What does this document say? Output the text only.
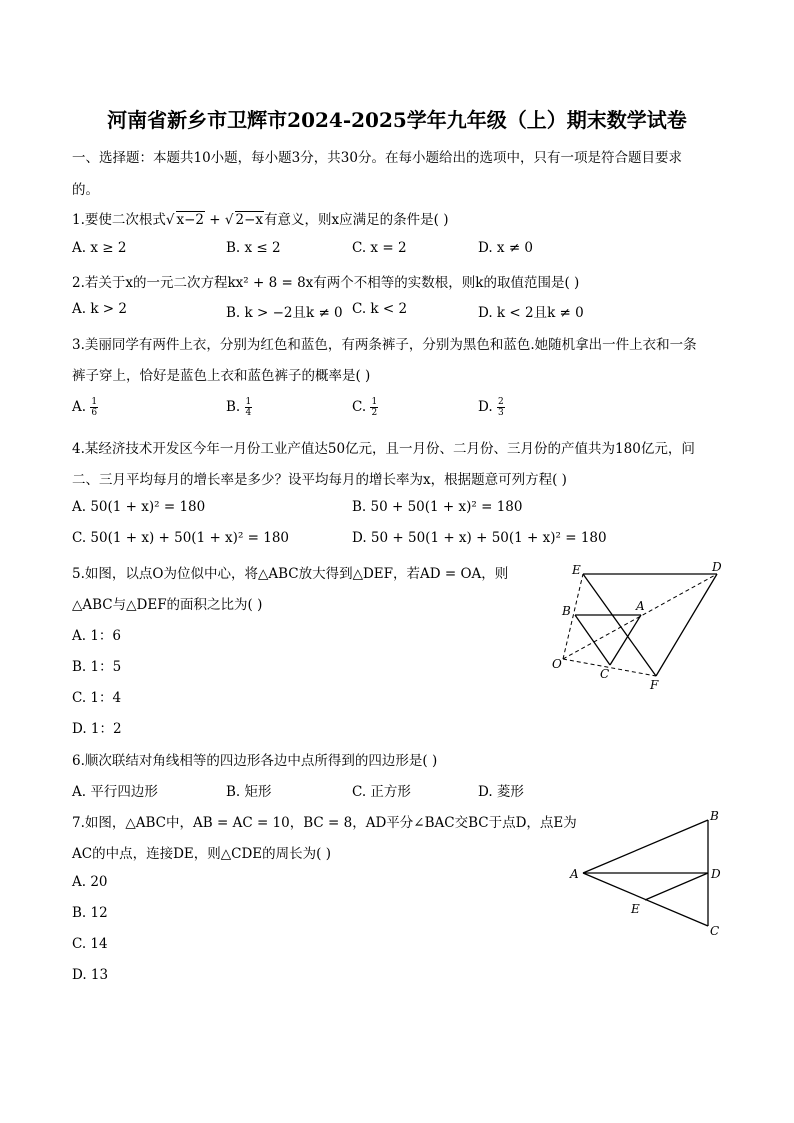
河南省新乡市卫辉市2024-2025学年九年级（上）期末数学试卷
一、选择题：本题共10小题，每小题3分，共30分。在每小题给出的选项中，只有一项是符合题目要求
的。
1.要使二次根式√ x−2 + √ 2−x有意义，则x应满足的条件是( )
A. x ≥ 2	B. x ≤ 2	C. x = 2	D. x ≠ 0
2.若关于x的一元二次方程kx² + 8 = 8x有两个不相等的实数根，则k的取值范围是( )
A. k > 2	B. k > −2且k ≠ 0 C. k < 2	D. k < 2且k ≠ 0
3.美丽同学有两件上衣，分别为红色和蓝色，有两条裤子，分别为黑色和蓝色.她随机拿出一件上衣和一条
裤子穿上，恰好是蓝色上衣和蓝色裤子的概率是( )
A. $\frac{1}{6}$	B. $\frac{1}{4}$	C. $\frac{1}{2}$	D. $\frac{2}{3}$
4.某经济技术开发区今年一月份工业产值达50亿元，且一月份、二月份、三月份的产值共为180亿元，问
二、三月平均每月的增长率是多少？设平均每月的增长率为x，根据题意可列方程( )
A. 50(1 + x)² = 180	B. 50 + 50(1 + x)² = 180
C. 50(1 + x) + 50(1 + x)² = 180	D. 50 + 50(1 + x) + 50(1 + x)² = 180
5.如图，以点O为位似中心，将△ABC放大得到△DEF，若AD = OA，则
△ABC与△DEF的面积之比为( )
A. 1：6
B. 1：5
C. 1：4
D. 1：2
E	D
B	A
O
C
F
6.顺次联结对角线相等的四边形各边中点所得到的四边形是( )
A. 平行四边形	B. 矩形	C. 正方形	D. 菱形
7.如图，△ABC中，AB = AC = 10，BC = 8，AD平分∠BAC交BC于点D，点E为
AC的中点，连接DE，则△CDE的周长为( )
A. 20
B. 12
C. 14
D. 13
B
A	D
E
C
